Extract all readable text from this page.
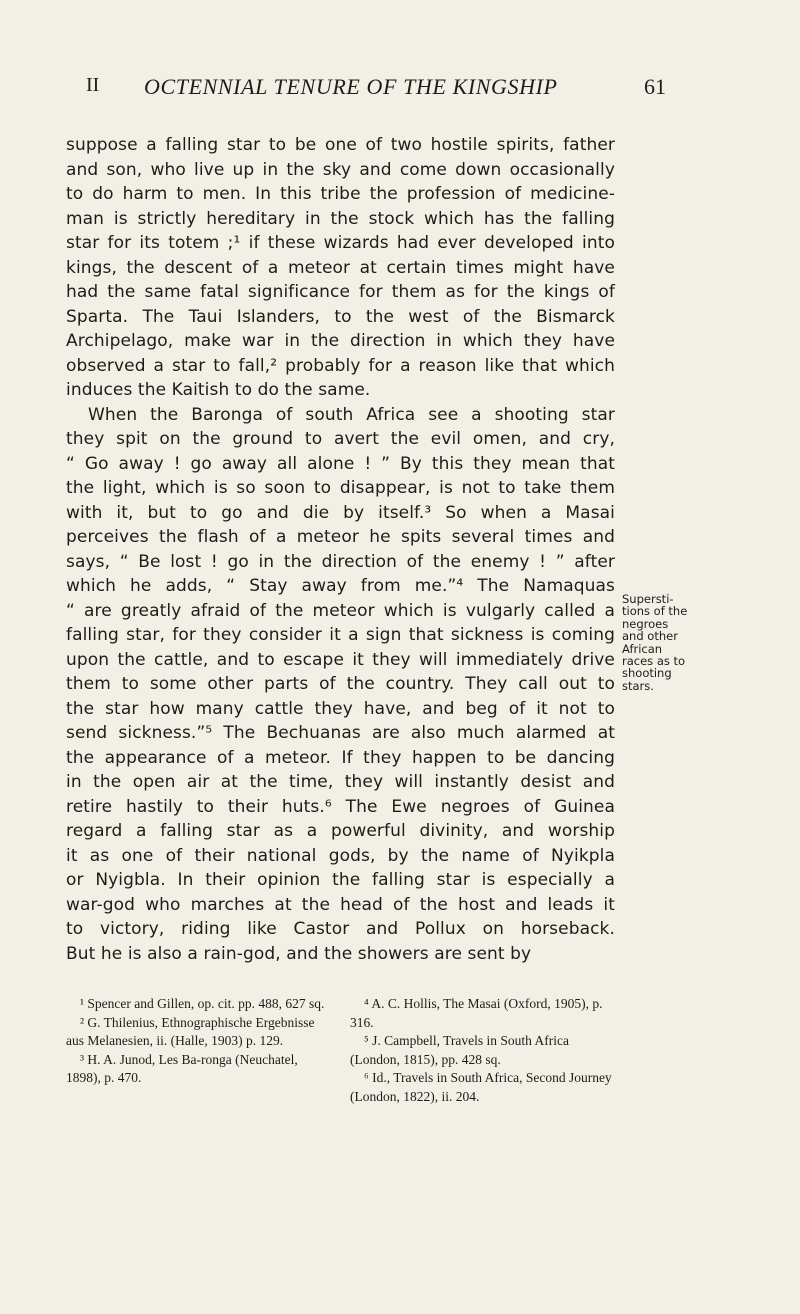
II OCTENNIAL TENURE OF THE KINGSHIP	61
suppose a falling star to be one of two hostile spirits, father
and son, who live up in the sky and come down occasionally
to do harm to men. In this tribe the profession of medicine-
man is strictly hereditary in the stock which has the falling
star for its totem ;¹ if these wizards had ever developed into
kings, the descent of a meteor at certain times might have
had the same fatal significance for them as for the kings of
Sparta. The Taui Islanders, to the west of the Bismarck
Archipelago, make war in the direction in which they have
observed a star to fall,² probably for a reason like that which
induces the Kaitish to do the same.
When the Baronga of south Africa see a shooting star
they spit on the ground to avert the evil omen, and cry,
“ Go away ! go away all alone ! ” By this they mean that
the light, which is so soon to disappear, is not to take them
with it, but to go and die by itself.³ So when a Masai
perceives the flash of a meteor he spits several times and
says, “ Be lost ! go in the direction of the enemy ! ” after
which he adds, “ Stay away from me.”⁴ The Namaquas
“ are greatly afraid of the meteor which is vulgarly called a
falling star, for they consider it a sign that sickness is coming
upon the cattle, and to escape it they will immediately drive
them to some other parts of the country. They call out to
the star how many cattle they have, and beg of it not to
send sickness.”⁵ The Bechuanas are also much alarmed at
the appearance of a meteor. If they happen to be dancing
in the open air at the time, they will instantly desist and
retire hastily to their huts.⁶ The Ewe negroes of Guinea
regard a falling star as a powerful divinity, and worship
it as one of their national gods, by the name of Nyikpla
or Nyigbla. In their opinion the falling star is especially a
war-god who marches at the head of the host and leads it
to victory, riding like Castor and Pollux on horseback.
But he is also a rain-god, and the showers are sent by
Supersti-
tions of the
negroes
and other
African
races as to
shooting
stars.
¹ Spencer and Gillen, op. cit. pp. 488, 627 sq.
² G. Thilenius, Ethnographische Ergebnisse aus Melanesien, ii. (Halle, 1903) p. 129.
³ H. A. Junod, Les Ba-ronga (Neuchatel, 1898), p. 470.
⁴ A. C. Hollis, The Masai (Oxford, 1905), p. 316.
⁵ J. Campbell, Travels in South Africa (London, 1815), pp. 428 sq.
⁶ Id., Travels in South Africa, Second Journey (London, 1822), ii. 204.
